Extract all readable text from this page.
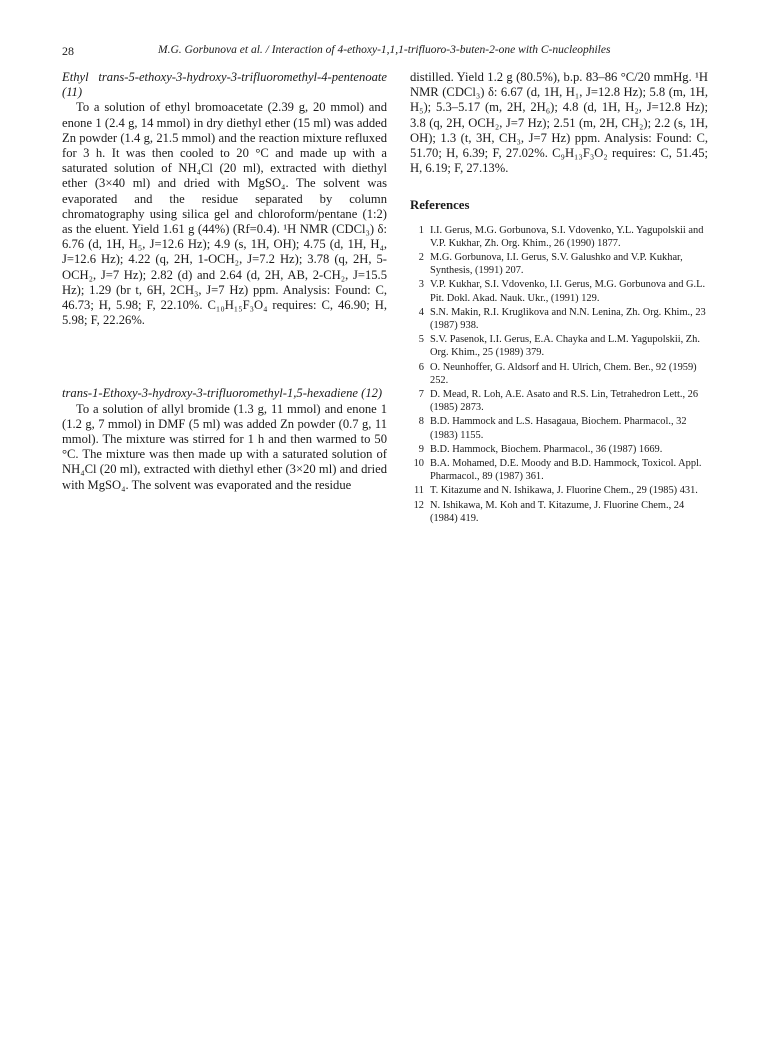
28	M.G. Gorbunova et al. / Interaction of 4-ethoxy-1,1,1-trifluoro-3-buten-2-one with C-nucleophiles

Ethyl trans-5-ethoxy-3-hydroxy-3-trifluoromethyl-4-pentenoate (11)

To a solution of ethyl bromoacetate (2.39 g, 20 mmol) and enone 1 (2.4 g, 14 mmol) in dry diethyl ether (15 ml) was added Zn powder (1.4 g, 21.5 mmol) and the reaction mixture refluxed for 3 h. It was then cooled to 20 °C and made up with a saturated solution of NH₄Cl (20 ml), extracted with diethyl ether (3×40 ml) and dried with MgSO₄. The solvent was evaporated and the residue separated by column chromatography using silica gel and chloroform/pentane (1:2) as the eluent. Yield 1.61 g (44%) (Rf=0.4). ¹H NMR (CDCl₃) δ: 6.76 (d, 1H, H₅, J=12.6 Hz); 4.9 (s, 1H, OH); 4.75 (d, 1H, H₄, J=12.6 Hz); 4.22 (q, 2H, 1-OCH₂, J=7.2 Hz); 3.78 (q, 2H, 5-OCH₂, J=7 Hz); 2.82 (d) and 2.64 (d, 2H, AB, 2-CH₂, J=15.5 Hz); 1.29 (br t, 6H, 2CH₃, J=7 Hz) ppm. Analysis: Found: C, 46.73; H, 5.98; F, 22.10%. C₁₀H₁₅F₃O₄ requires: C, 46.90; H, 5.98; F, 22.26%.

trans-1-Ethoxy-3-hydroxy-3-trifluoromethyl-1,5-hexadiene (12)

To a solution of allyl bromide (1.3 g, 11 mmol) and enone 1 (1.2 g, 7 mmol) in DMF (5 ml) was added Zn powder (0.7 g, 11 mmol). The mixture was stirred for 1 h and then warmed to 50 °C. The mixture was then made up with a saturated solution of NH₄Cl (20 ml), extracted with diethyl ether (3×20 ml) and dried with MgSO₄. The solvent was evaporated and the residue

distilled. Yield 1.2 g (80.5%), b.p. 83–86 °C/20 mmHg. ¹H NMR (CDCl₃) δ: 6.67 (d, 1H, H₁, J=12.8 Hz); 5.8 (m, 1H, H₅); 5.3–5.17 (m, 2H, 2H₆); 4.8 (d, 1H, H₂, J=12.8 Hz); 3.8 (q, 2H, OCH₂, J=7 Hz); 2.51 (m, 2H, CH₂); 2.2 (s, 1H, OH); 1.3 (t, 3H, CH₃, J=7 Hz) ppm. Analysis: Found: C, 51.70; H, 6.39; F, 27.02%. C₉H₁₃F₃O₂ requires: C, 51.45; H, 6.19; F, 27.13%.

References
1 I.I. Gerus, M.G. Gorbunova, S.I. Vdovenko, Y.L. Yagupolskii and V.P. Kukhar, Zh. Org. Khim., 26 (1990) 1877.
2 M.G. Gorbunova, I.I. Gerus, S.V. Galushko and V.P. Kukhar, Synthesis, (1991) 207.
3 V.P. Kukhar, S.I. Vdovenko, I.I. Gerus, M.G. Gorbunova and G.L. Pit. Dokl. Akad. Nauk. Ukr., (1991) 129.
4 S.N. Makin, R.I. Kruglikova and N.N. Lenina, Zh. Org. Khim., 23 (1987) 938.
5 S.V. Pasenok, I.I. Gerus, E.A. Chayka and L.M. Yagupolskii, Zh. Org. Khim., 25 (1989) 379.
6 O. Neunhoffer, G. Aldsorf and H. Ulrich, Chem. Ber., 92 (1959) 252.
7 D. Mead, R. Loh, A.E. Asato and R.S. Lin, Tetrahedron Lett., 26 (1985) 2873.
8 B.D. Hammock and L.S. Hasagaua, Biochem. Pharmacol., 32 (1983) 1155.
9 B.D. Hammock, Biochem. Pharmacol., 36 (1987) 1669.
10 B.A. Mohamed, D.E. Moody and B.D. Hammock, Toxicol. Appl. Pharmacol., 89 (1987) 361.
11 T. Kitazume and N. Ishikawa, J. Fluorine Chem., 29 (1985) 431.
12 N. Ishikawa, M. Koh and T. Kitazume, J. Fluorine Chem., 24 (1984) 419.
